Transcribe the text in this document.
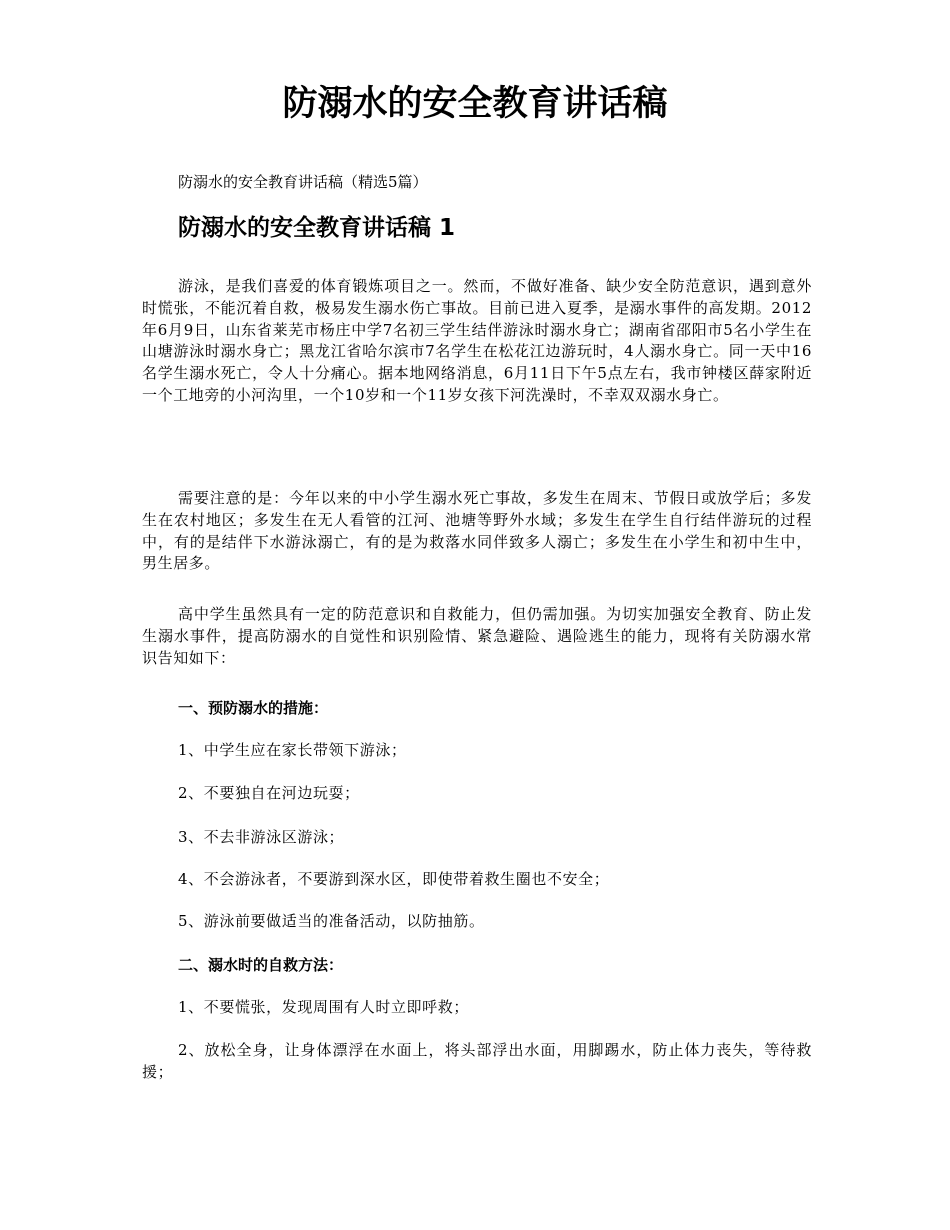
防溺水的安全教育讲话稿

防溺水的安全教育讲话稿（精选5篇）

防溺水的安全教育讲话稿 1

游泳，是我们喜爱的体育锻炼项目之一。然而，不做好准备、缺少安全防范意识，遇到意外时慌张，不能沉着自救，极易发生溺水伤亡事故。目前已进入夏季，是溺水事件的高发期。2012年6月9日，山东省莱芜市杨庄中学7名初三学生结伴游泳时溺水身亡；湖南省邵阳市5名小学生在山塘游泳时溺水身亡；黑龙江省哈尔滨市7名学生在松花江边游玩时，4人溺水身亡。同一天中16名学生溺水死亡，令人十分痛心。据本地网络消息，6月11日下午5点左右，我市钟楼区薛家附近一个工地旁的小河沟里，一个10岁和一个11岁女孩下河洗澡时，不幸双双溺水身亡。

需要注意的是：今年以来的中小学生溺水死亡事故，多发生在周末、节假日或放学后；多发生在农村地区；多发生在无人看管的江河、池塘等野外水域；多发生在学生自行结伴游玩的过程中，有的是结伴下水游泳溺亡，有的是为救落水同伴致多人溺亡；多发生在小学生和初中生中，男生居多。

高中学生虽然具有一定的防范意识和自救能力，但仍需加强。为切实加强安全教育、防止发生溺水事件，提高防溺水的自觉性和识别险情、紧急避险、遇险逃生的能力，现将有关防溺水常识告知如下：

一、预防溺水的措施：

1、中学生应在家长带领下游泳；

2、不要独自在河边玩耍；

3、不去非游泳区游泳；

4、不会游泳者，不要游到深水区，即使带着救生圈也不安全；

5、游泳前要做适当的准备活动，以防抽筋。

二、溺水时的自救方法：

1、不要慌张，发现周围有人时立即呼救；

2、放松全身，让身体漂浮在水面上，将头部浮出水面，用脚踢水，防止体力丧失，等待救援；
